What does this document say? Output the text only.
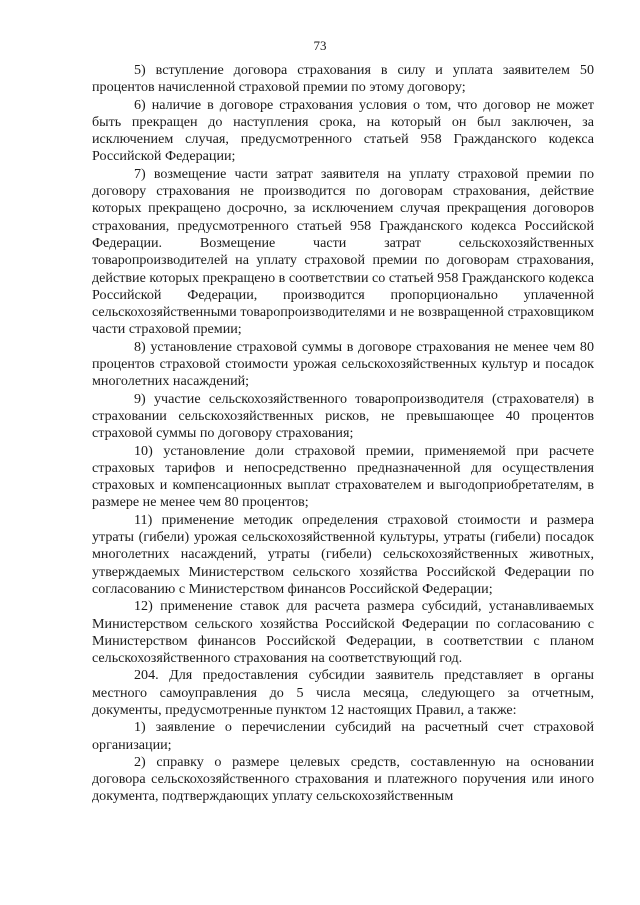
73

5) вступление договора страхования в силу и уплата заявителем 50 процентов начисленной страховой премии по этому договору;

6) наличие в договоре страхования условия о том, что договор не может быть прекращен до наступления срока, на который он был заключен, за исключением случая, предусмотренного статьей 958 Гражданского кодекса Российской Федерации;

7) возмещение части затрат заявителя на уплату страховой премии по договору страхования не производится по договорам страхования, действие которых прекращено досрочно, за исключением случая прекращения договоров страхования, предусмотренного статьей 958 Гражданского кодекса Российской Федерации. Возмещение части затрат сельскохозяйственных товаропроизводителей на уплату страховой премии по договорам страхования, действие которых прекращено в соответствии со статьей 958 Гражданского кодекса Российской Федерации, производится пропорционально уплаченной сельскохозяйственными товаропроизводителями и не возвращенной страховщиком части страховой премии;

8) установление страховой суммы в договоре страхования не менее чем 80 процентов страховой стоимости урожая сельскохозяйственных культур и посадок многолетних насаждений;

9) участие сельскохозяйственного товаропроизводителя (страхователя) в страховании сельскохозяйственных рисков, не превышающее 40 процентов страховой суммы по договору страхования;

10) установление доли страховой премии, применяемой при расчете страховых тарифов и непосредственно предназначенной для осуществления страховых и компенсационных выплат страхователем и выгодоприобретателям, в размере не менее чем 80 процентов;

11) применение методик определения страховой стоимости и размера утраты (гибели) урожая сельскохозяйственной культуры, утраты (гибели) посадок многолетних насаждений, утраты (гибели) сельскохозяйственных животных, утверждаемых Министерством сельского хозяйства Российской Федерации по согласованию с Министерством финансов Российской Федерации;

12) применение ставок для расчета размера субсидий, устанавливаемых Министерством сельского хозяйства Российской Федерации по согласованию с Министерством финансов Российской Федерации, в соответствии с планом сельскохозяйственного страхования на соответствующий год.

204. Для предоставления субсидии заявитель представляет в органы местного самоуправления до 5 числа месяца, следующего за отчетным, документы, предусмотренные пунктом 12 настоящих Правил, а также:

1) заявление о перечислении субсидий на расчетный счет страховой организации;

2) справку о размере целевых средств, составленную на основании договора сельскохозяйственного страхования и платежного поручения или иного документа, подтверждающих уплату сельскохозяйственным
